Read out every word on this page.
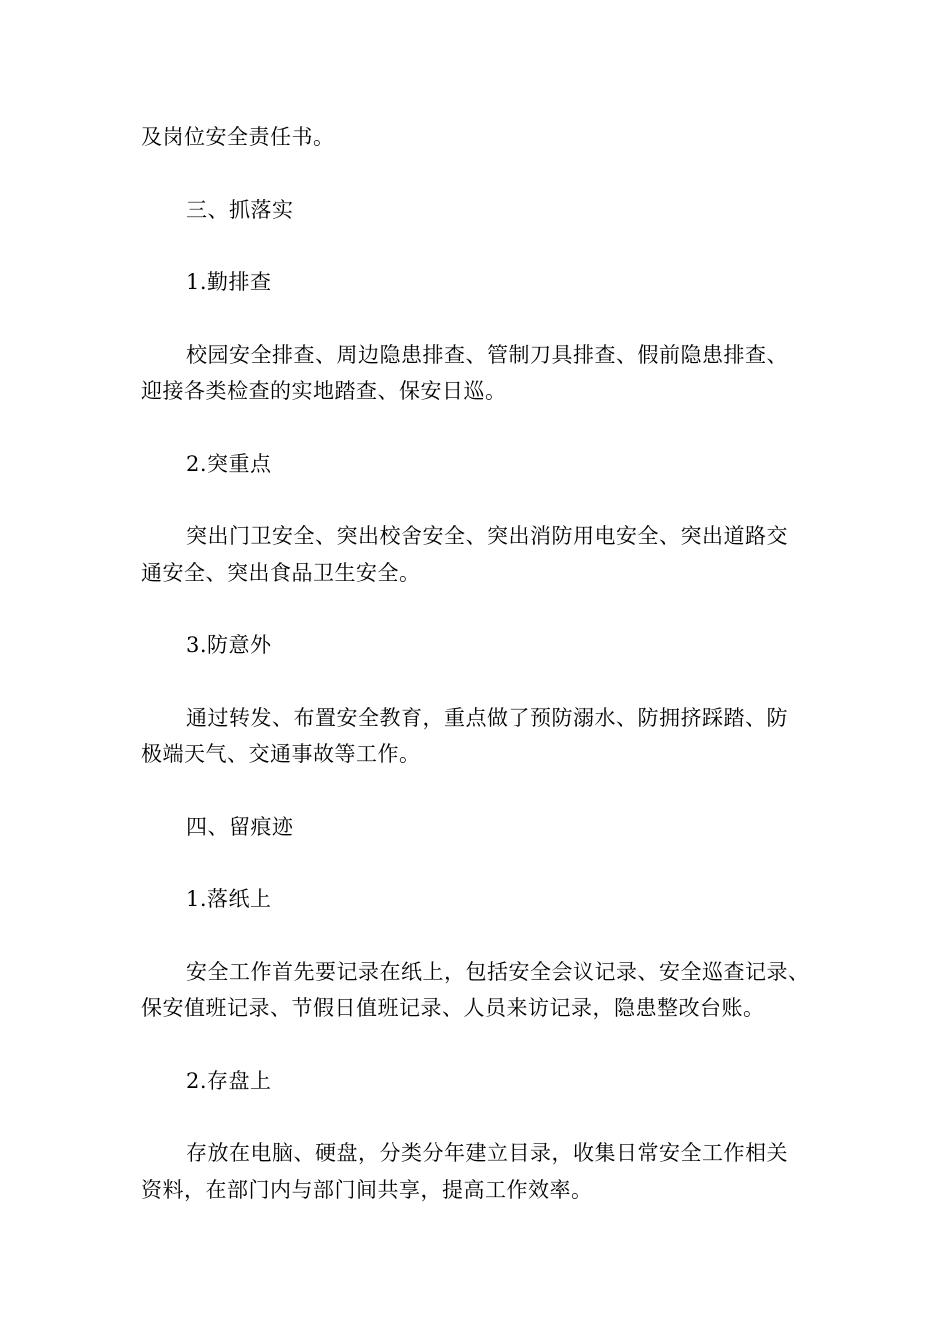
及岗位安全责任书。
三、抓落实
1.勤排查
校园安全排查、周边隐患排查、管制刀具排查、假前隐患排查、
迎接各类检查的实地踏查、保安日巡。
2.突重点
突出门卫安全、突出校舍安全、突出消防用电安全、突出道路交
通安全、突出食品卫生安全。
3.防意外
通过转发、布置安全教育，重点做了预防溺水、防拥挤踩踏、防
极端天气、交通事故等工作。
四、留痕迹
1.落纸上
安全工作首先要记录在纸上，包括安全会议记录、安全巡查记录、
保安值班记录、节假日值班记录、人员来访记录，隐患整改台账。
2.存盘上
存放在电脑、硬盘，分类分年建立目录，收集日常安全工作相关
资料，在部门内与部门间共享，提高工作效率。
